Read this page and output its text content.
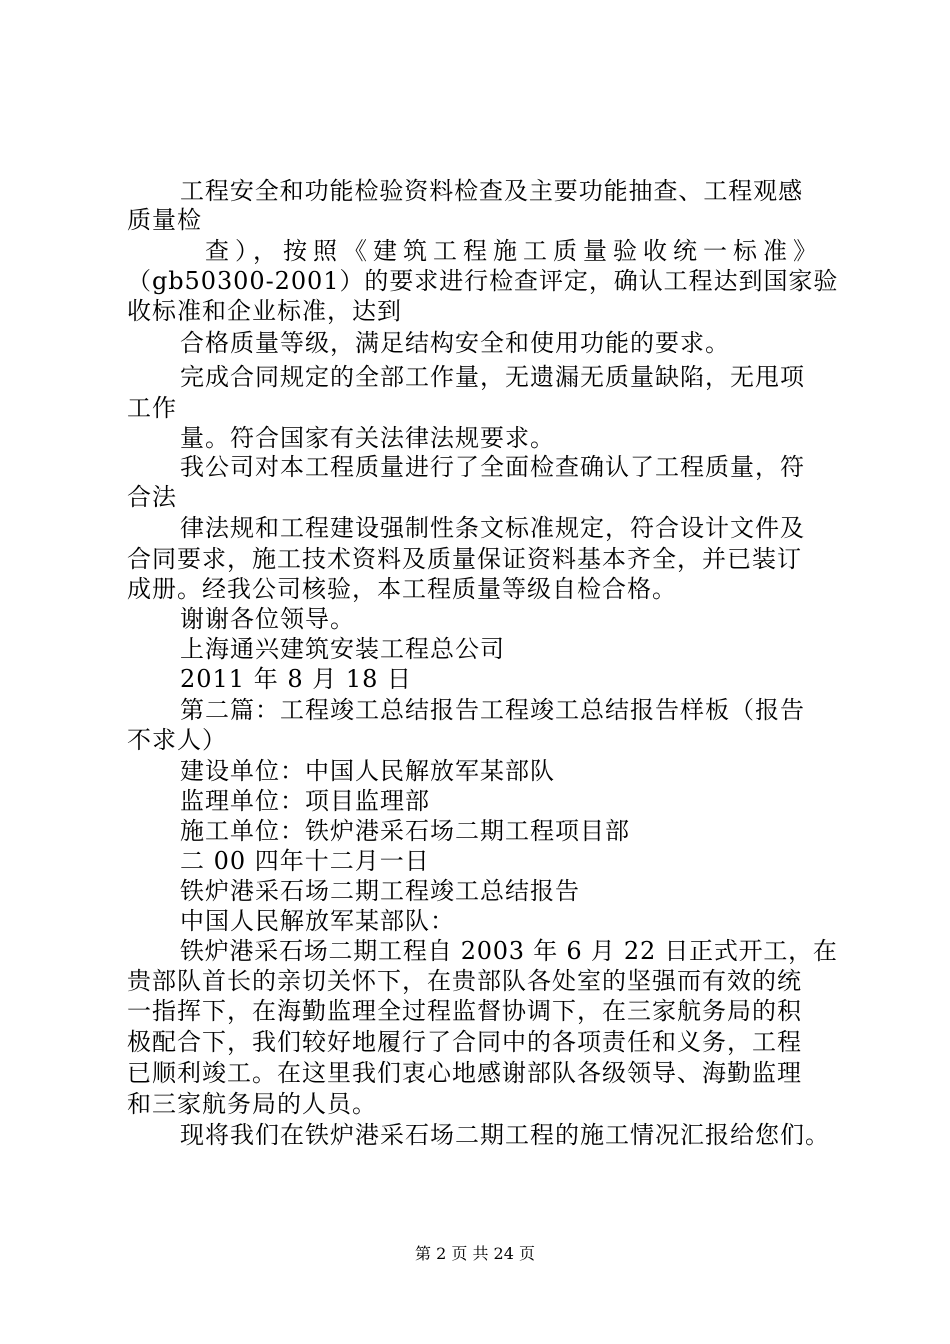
工程安全和功能检验资料检查及主要功能抽查、工程观感
质量检
查），按照《建筑工程施工质量验收统一标准》
（gb50300-2001）的要求进行检查评定，确认工程达到国家验
收标准和企业标准，达到
合格质量等级，满足结构安全和使用功能的要求。
完成合同规定的全部工作量，无遗漏无质量缺陷，无甩项
工作
量。符合国家有关法律法规要求。
我公司对本工程质量进行了全面检查确认了工程质量，符
合法
律法规和工程建设强制性条文标准规定，符合设计文件及
合同要求，施工技术资料及质量保证资料基本齐全，并已装订
成册。经我公司核验，本工程质量等级自检合格。
谢谢各位领导。
上海通兴建筑安装工程总公司
2011 年 8 月 18 日
第二篇：工程竣工总结报告工程竣工总结报告样板（报告
不求人）
建设单位：中国人民解放军某部队
监理单位：项目监理部
施工单位：铁炉港采石场二期工程项目部
二 00 四年十二月一日
铁炉港采石场二期工程竣工总结报告
中国人民解放军某部队：
铁炉港采石场二期工程自 2003 年 6 月 22 日正式开工，在
贵部队首长的亲切关怀下，在贵部队各处室的坚强而有效的统
一指挥下，在海勤监理全过程监督协调下，在三家航务局的积
极配合下，我们较好地履行了合同中的各项责任和义务，工程
已顺利竣工。在这里我们衷心地感谢部队各级领导、海勤监理
和三家航务局的人员。
现将我们在铁炉港采石场二期工程的施工情况汇报给您们。
第 2 页 共 24 页
